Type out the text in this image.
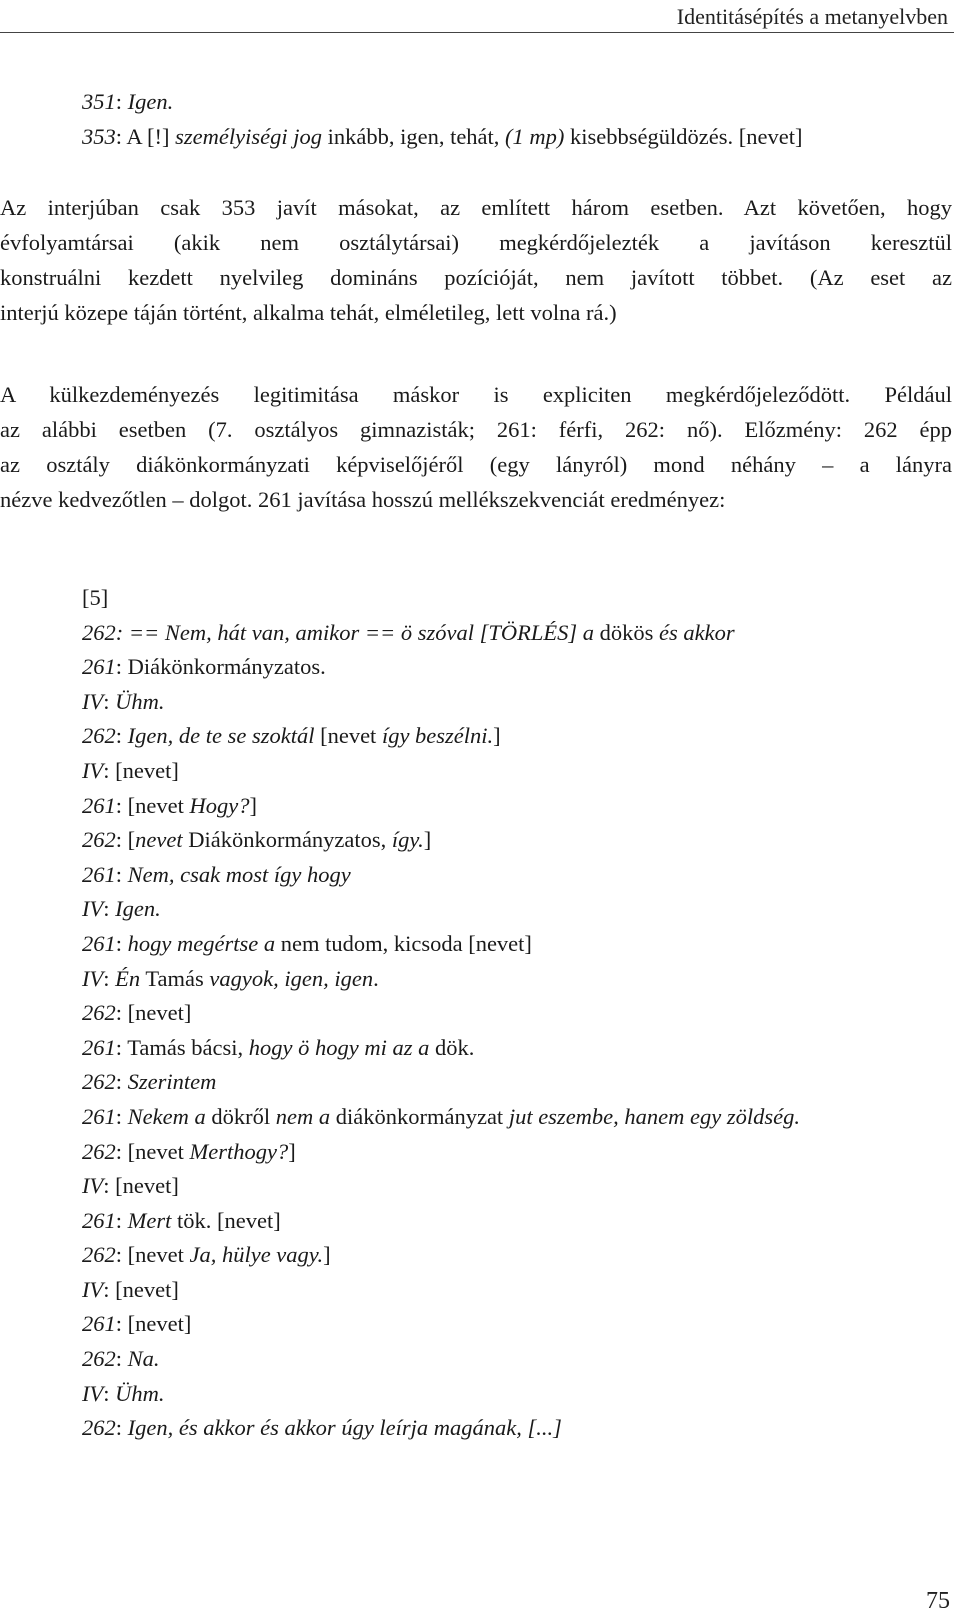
Identitásépítés a metanyelvben
351: Igen.
353: A [!] személyiségi jog inkább, igen, tehát, (1 mp) kisebbségüldözés. [nevet]
Az interjúban csak 353 javít másokat, az említett három esetben. Azt követően, hogy
évfolyamtársai (akik nem osztálytársai) megkérdőjelezték a javításon keresztül
konstruálni kezdett nyelvileg domináns pozícióját, nem javított többet. (Az eset az
interjú közepe táján történt, alkalma tehát, elméletileg, lett volna rá.)
A külkezdeményezés legitimitása máskor is expliciten megkérdőjeleződött. Például
az alábbi esetben (7. osztályos gimnazisták; 261: férfi, 262: nő). Előzmény: 262 épp
az osztály diákönkormányzati képviselőjéről (egy lányról) mond néhány – a lányra
nézve kedvezőtlen – dolgot. 261 javítása hosszú mellékszekvenciát eredményez:
[5]
262: == Nem, hát van, amikor == ö szóval [TÖRLÉS] a dökös és akkor
261: Diákönkormányzatos.
IV: Ühm.
262: Igen, de te se szoktál [nevet így beszélni.]
IV: [nevet]
261: [nevet Hogy?]
262: [nevet Diákönkormányzatos, így.]
261: Nem, csak most így hogy
IV: Igen.
261: hogy megértse a nem tudom, kicsoda [nevet]
IV: Én Tamás vagyok, igen, igen.
262: [nevet]
261: Tamás bácsi, hogy ö hogy mi az a dök.
262: Szerintem
261: Nekem a dökről nem a diákönkormányzat jut eszembe, hanem egy zöldség.
262: [nevet Merthogy?]
IV: [nevet]
261: Mert tök. [nevet]
262: [nevet Ja, hülye vagy.]
IV: [nevet]
261: [nevet]
262: Na.
IV: Ühm.
262: Igen, és akkor és akkor úgy leírja magának, [...]
75
